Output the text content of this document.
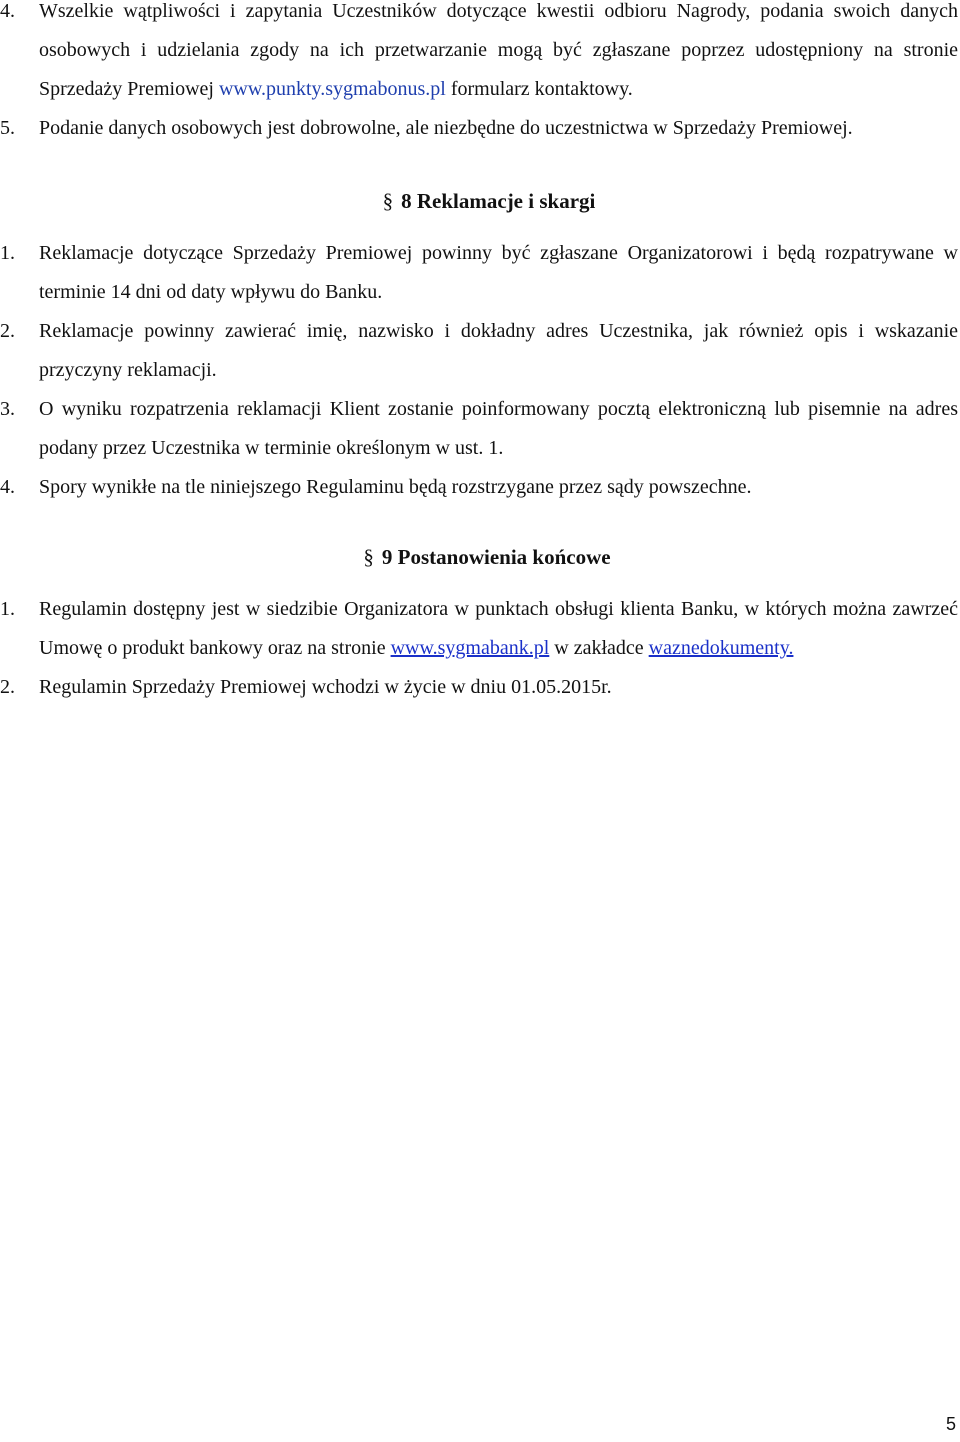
4.	Wszelkie wątpliwości i zapytania Uczestników dotyczące kwestii odbioru Nagrody, podania swoich danych osobowych i udzielania zgody na ich przetwarzanie mogą być zgłaszane poprzez udostępniony na stronie Sprzedaży Premiowej www.punkty.sygmabonus.pl formularz kontaktowy.

5.	Podanie danych osobowych jest dobrowolne, ale niezbędne do uczestnictwa w Sprzedaży Premiowej.

§ 8 Reklamacje i skargi

1.	Reklamacje dotyczące Sprzedaży Premiowej powinny być zgłaszane Organizatorowi i będą rozpatrywane w terminie 14 dni od daty wpływu do Banku.

2.	Reklamacje powinny zawierać imię, nazwisko i dokładny adres Uczestnika, jak również opis i wskazanie przyczyny reklamacji.

3.	O wyniku rozpatrzenia reklamacji Klient zostanie poinformowany pocztą elektroniczną lub pisemnie na adres podany przez Uczestnika w terminie określonym w ust. 1.

4.	Spory wynikłe na tle niniejszego Regulaminu będą rozstrzygane przez sądy powszechne.

§ 9 Postanowienia końcowe

1.	Regulamin dostępny jest w siedzibie Organizatora w punktach obsługi klienta Banku, w których można zawrzeć Umowę o produkt bankowy oraz na stronie www.sygmabank.pl w zakładce waznedokumenty.

2.	Regulamin Sprzedaży Premiowej wchodzi w życie w dniu 01.05.2015r.

5
